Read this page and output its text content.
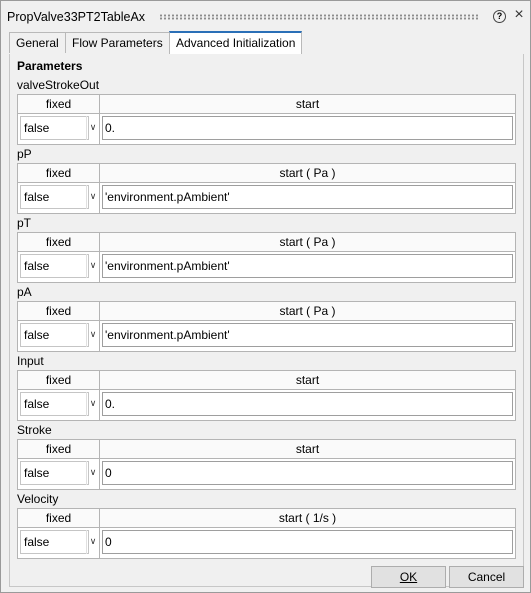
PropValve33PT2TableAx	? ×
General	Flow Parameters	Advanced Initialization
Parameters
valveStrokeOut
fixed	start
false	∨ 0.
pP
fixed	start ( Pa )
false	∨ 'environment.pAmbient'
pT
fixed	start ( Pa )
false	∨ 'environment.pAmbient'
pA
fixed	start ( Pa )
false	∨ 'environment.pAmbient'
Input
fixed	start
false	∨ 0.
Stroke
fixed	start
false	∨ 0
Velocity
fixed	start ( 1/s )
false	∨ 0
OK	Cancel
